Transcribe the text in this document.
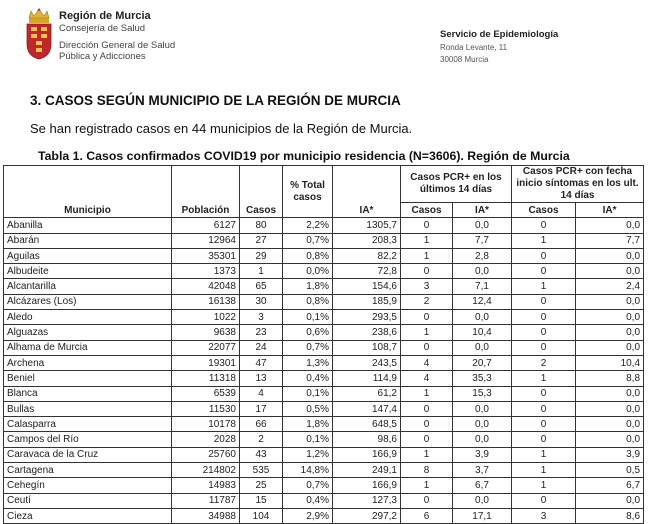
Región de Murcia
Consejería de Salud
Dirección General de Salud
Pública y Adicciones
Servicio de Epidemiología
Ronda Levante, 11
30008 Murcia
3. CASOS SEGÚN MUNICIPIO DE LA REGIÓN DE MURCIA
Se han registrado casos en 44 municipios de la Región de Murcia.
Tabla 1. Casos confirmados COVID19 por municipio residencia (N=3606). Región de Murcia
Municipio	Población	Casos	% Total casos	IA*	Casos PCR+ en los últimos 14 días		Casos PCR+ con fecha inicio síntomas en los ult. 14 días	
					Casos	IA*	Casos	IA*
Abanilla	6127	80	2,2%	1305,7	0	0,0	0	0,0
Abarán	12964	27	0,7%	208,3	1	7,7	1	7,7
Aguilas	35301	29	0,8%	82,2	1	2,8	0	0,0
Albudeite	1373	1	0,0%	72,8	0	0,0	0	0,0
Alcantarilla	42048	65	1,8%	154,6	3	7,1	1	2,4
Alcázares (Los)	16138	30	0,8%	185,9	2	12,4	0	0,0
Aledo	1022	3	0,1%	293,5	0	0,0	0	0,0
Alguazas	9638	23	0,6%	238,6	1	10,4	0	0,0
Alhama de Murcia	22077	24	0,7%	108,7	0	0,0	0	0,0
Archena	19301	47	1,3%	243,5	4	20,7	2	10,4
Beniel	11318	13	0,4%	114,9	4	35,3	1	8,8
Blanca	6539	4	0,1%	61,2	1	15,3	0	0,0
Bullas	11530	17	0,5%	147,4	0	0,0	0	0,0
Calasparra	10178	66	1,8%	648,5	0	0,0	0	0,0
Campos del Río	2028	2	0,1%	98,6	0	0,0	0	0,0
Caravaca de la Cruz	25760	43	1,2%	166,9	1	3,9	1	3,9
Cartagena	214802	535	14,8%	249,1	8	3,7	1	0,5
Cehegín	14983	25	0,7%	166,9	1	6,7	1	6,7
Ceutí	11787	15	0,4%	127,3	0	0,0	0	0,0
Cieza	34988	104	2,9%	297,2	6	17,1	3	8,6
